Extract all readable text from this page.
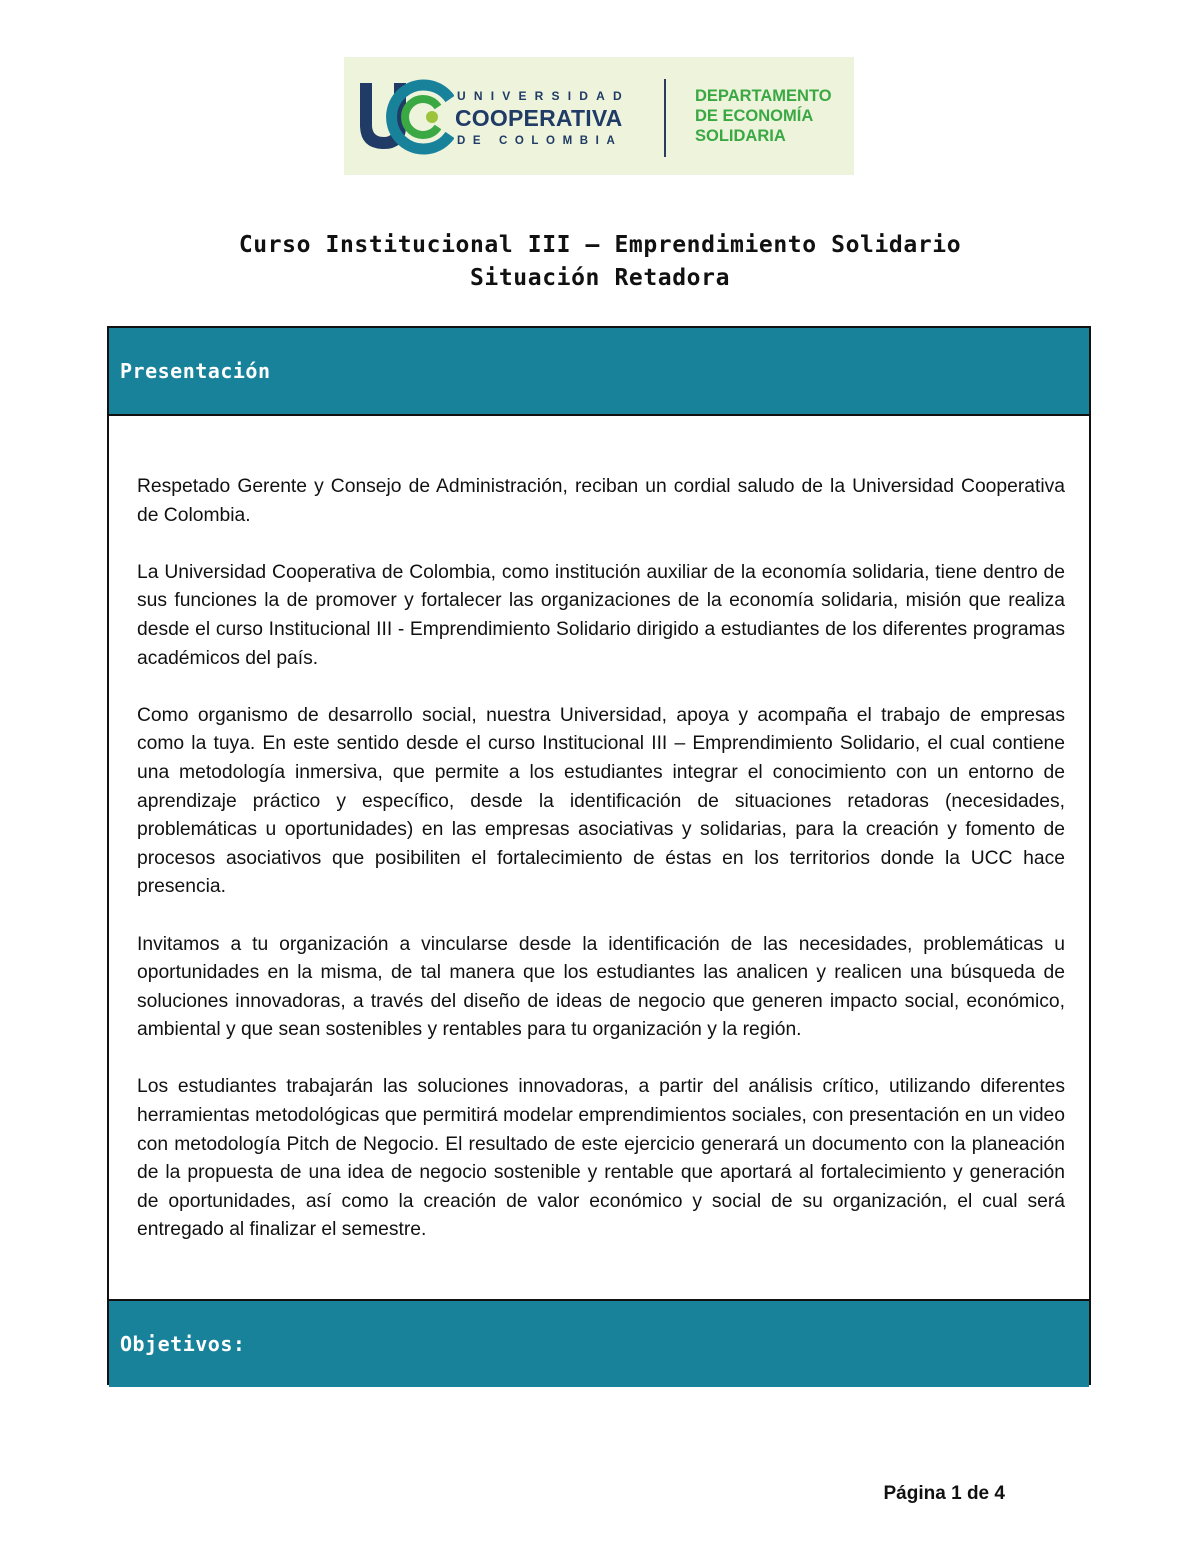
UNIVERSIDAD
COOPERATIVA
DE COLOMBIA
DEPARTAMENTO
DE ECONOMÍA
SOLIDARIA
Curso Institucional III – Emprendimiento Solidario
Situación Retadora
Presentación

Respetado Gerente y Consejo de Administración, reciban un cordial saludo de la Universidad Cooperativa de Colombia.

La Universidad Cooperativa de Colombia, como institución auxiliar de la economía solidaria, tiene dentro de sus funciones la de promover y fortalecer las organizaciones de la economía solidaria, misión que realiza desde el curso Institucional III - Emprendimiento Solidario dirigido a estudiantes de los diferentes programas académicos del país.

Como organismo de desarrollo social, nuestra Universidad, apoya y acompaña el trabajo de empresas como la tuya. En este sentido desde el curso Institucional III – Emprendimiento Solidario, el cual contiene una metodología inmersiva, que permite a los estudiantes integrar el conocimiento con un entorno de aprendizaje práctico y específico, desde la identificación de situaciones retadoras (necesidades, problemáticas u oportunidades) en las empresas asociativas y solidarias, para la creación y fomento de procesos asociativos que posibiliten el fortalecimiento de éstas en los territorios donde la UCC hace presencia.

Invitamos a tu organización a vincularse desde la identificación de las necesidades, problemáticas u oportunidades en la misma, de tal manera que los estudiantes las analicen y realicen una búsqueda de soluciones innovadoras, a través del diseño de ideas de negocio que generen impacto social, económico, ambiental y que sean sostenibles y rentables para tu organización y la región.

Los estudiantes trabajarán las soluciones innovadoras, a partir del análisis crítico, utilizando diferentes herramientas metodológicas que permitirá modelar emprendimientos sociales, con presentación en un video con metodología Pitch de Negocio. El resultado de este ejercicio generará un documento con la planeación de la propuesta de una idea de negocio sostenible y rentable que aportará al fortalecimiento y generación de oportunidades, así como la creación de valor económico y social de su organización, el cual será entregado al finalizar el semestre.

Objetivos:
Página 1 de 4
